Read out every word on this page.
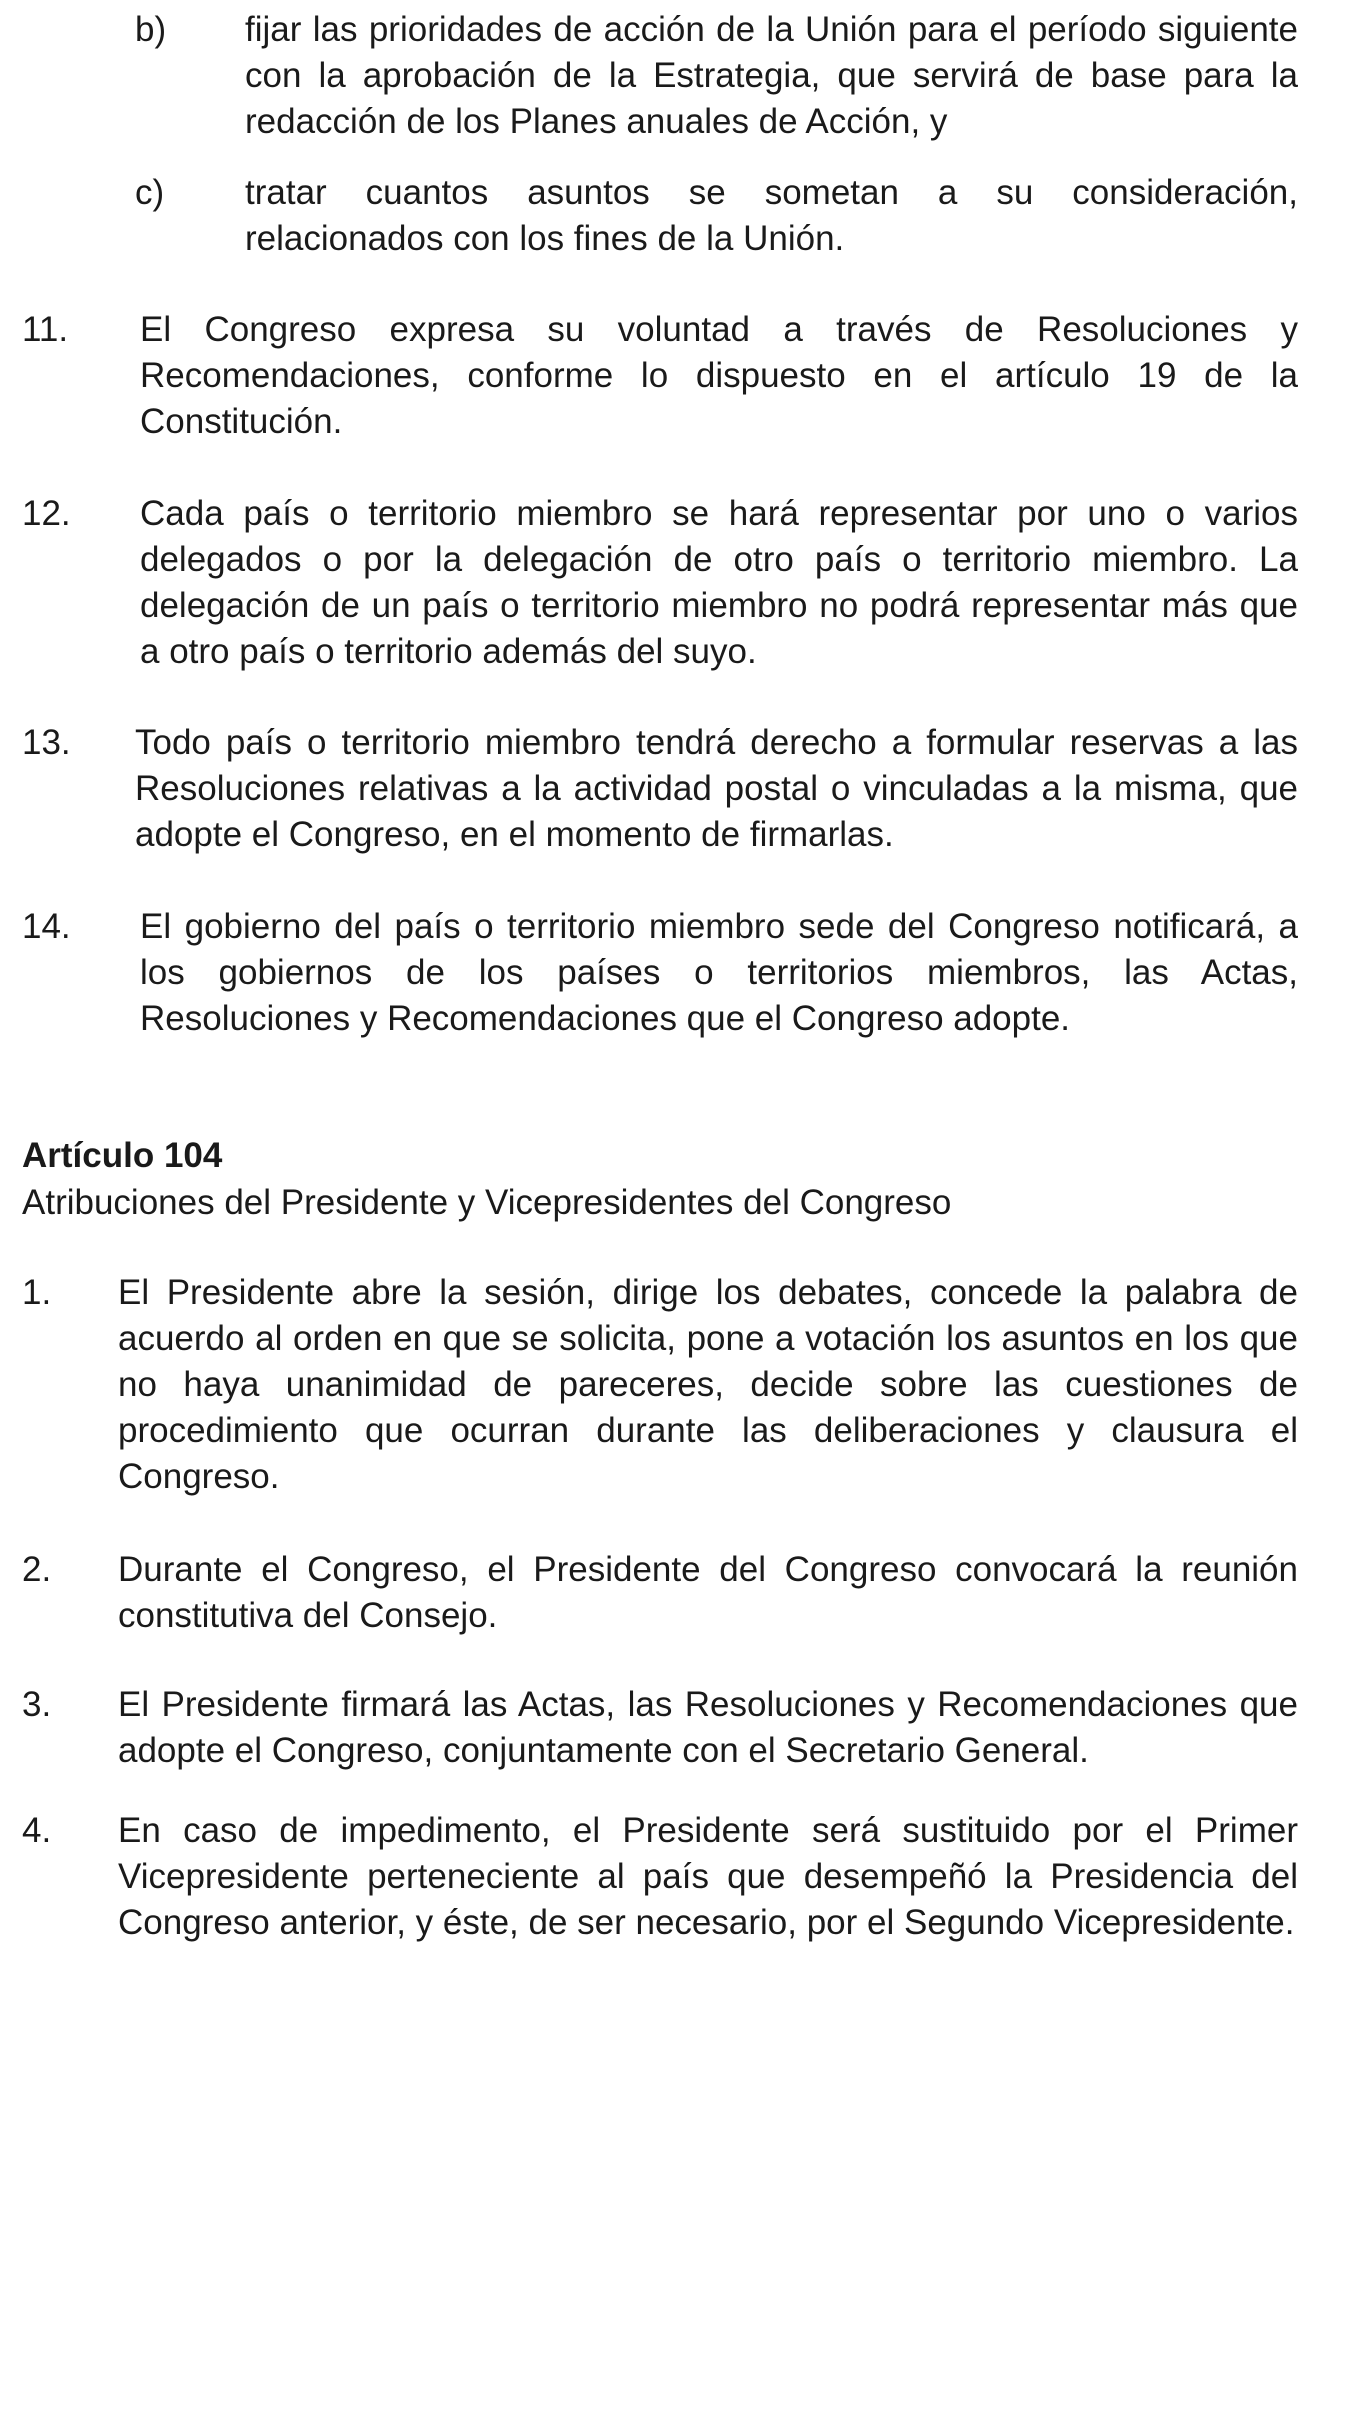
b) fijar las prioridades de acción de la Unión para el período siguiente con la aprobación de la Estrategia, que servirá de base para la redacción de los Planes anuales de Acción, y
c) tratar cuantos asuntos se sometan a su consideración, relacionados con los fines de la Unión.
11. El Congreso expresa su voluntad a través de Resoluciones y Recomendaciones, conforme lo dispuesto en el artículo 19 de la Constitución.
12. Cada país o territorio miembro se hará representar por uno o varios delegados o por la delegación de otro país o territorio miembro. La delegación de un país o territorio miembro no podrá representar más que a otro país o territorio además del suyo.
13. Todo país o territorio miembro tendrá derecho a formular reservas a las Resoluciones relativas a la actividad postal o vinculadas a la misma, que adopte el Congreso, en el momento de firmarlas.
14. El gobierno del país o territorio miembro sede del Congreso notificará, a los gobiernos de los países o territorios miembros, las Actas, Resoluciones y Recomendaciones que el Congreso adopte.
Artículo 104
Atribuciones del Presidente y Vicepresidentes del Congreso
1. El Presidente abre la sesión, dirige los debates, concede la palabra de acuerdo al orden en que se solicita, pone a votación los asuntos en los que no haya unanimidad de pareceres, decide sobre las cuestiones de procedimiento que ocurran durante las deliberaciones y clausura el Congreso.
2. Durante el Congreso, el Presidente del Congreso convocará la reunión constitutiva del Consejo.
3. El Presidente firmará las Actas, las Resoluciones y Recomendaciones que adopte el Congreso, conjuntamente con el Secretario General.
4. En caso de impedimento, el Presidente será sustituido por el Primer Vicepresidente perteneciente al país que desempeñó la Presidencia del Congreso anterior, y éste, de ser necesario, por el Segundo Vicepresidente.
